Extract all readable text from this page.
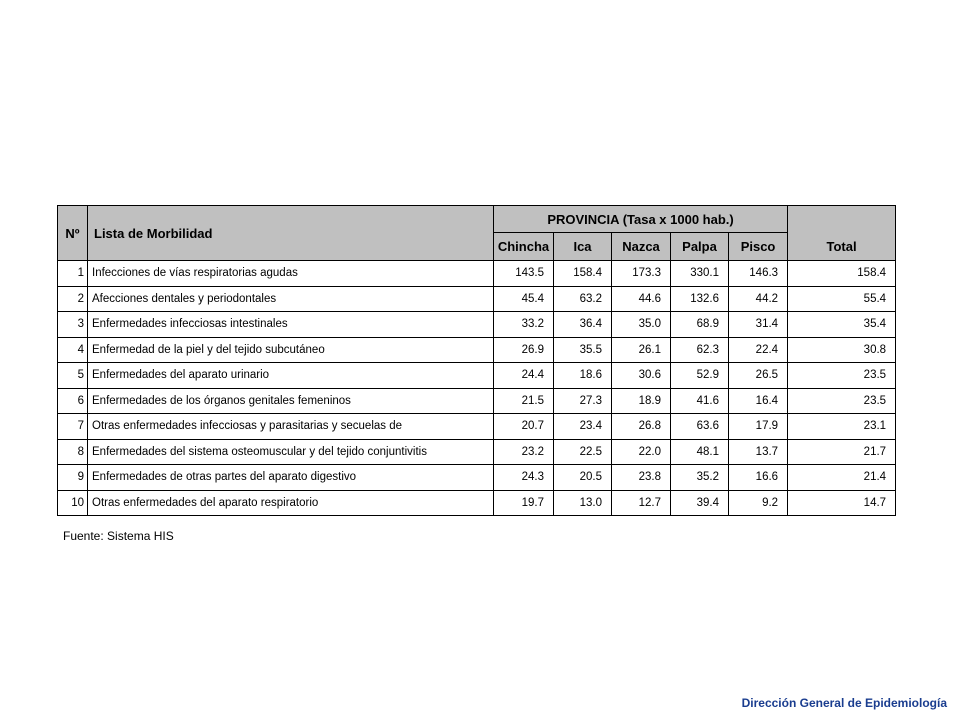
Nº	Lista de Morbilidad	PROVINCIA (Tasa x 1000 hab.)					Total
		Chincha	Ica	Nazca	Palpa	Pisco	
1	Infecciones de vías respiratorias agudas	143.5	158.4	173.3	330.1	146.3	158.4
2	Afecciones dentales y periodontales	45.4	63.2	44.6	132.6	44.2	55.4
3	Enfermedades infecciosas intestinales	33.2	36.4	35.0	68.9	31.4	35.4
4	Enfermedad de la piel y del tejido subcutáneo	26.9	35.5	26.1	62.3	22.4	30.8
5	Enfermedades del aparato urinario	24.4	18.6	30.6	52.9	26.5	23.5
6	Enfermedades de los órganos genitales femeninos	21.5	27.3	18.9	41.6	16.4	23.5
7	Otras enfermedades infecciosas y parasitarias y secuelas de	20.7	23.4	26.8	63.6	17.9	23.1
8	Enfermedades del sistema osteomuscular y del tejido conjuntivitis	23.2	22.5	22.0	48.1	13.7	21.7
9	Enfermedades de otras partes del aparato digestivo	24.3	20.5	23.8	35.2	16.6	21.4
10	Otras enfermedades del aparato respiratorio	19.7	13.0	12.7	39.4	9.2	14.7
Fuente: Sistema HIS
Dirección General de Epidemiología
